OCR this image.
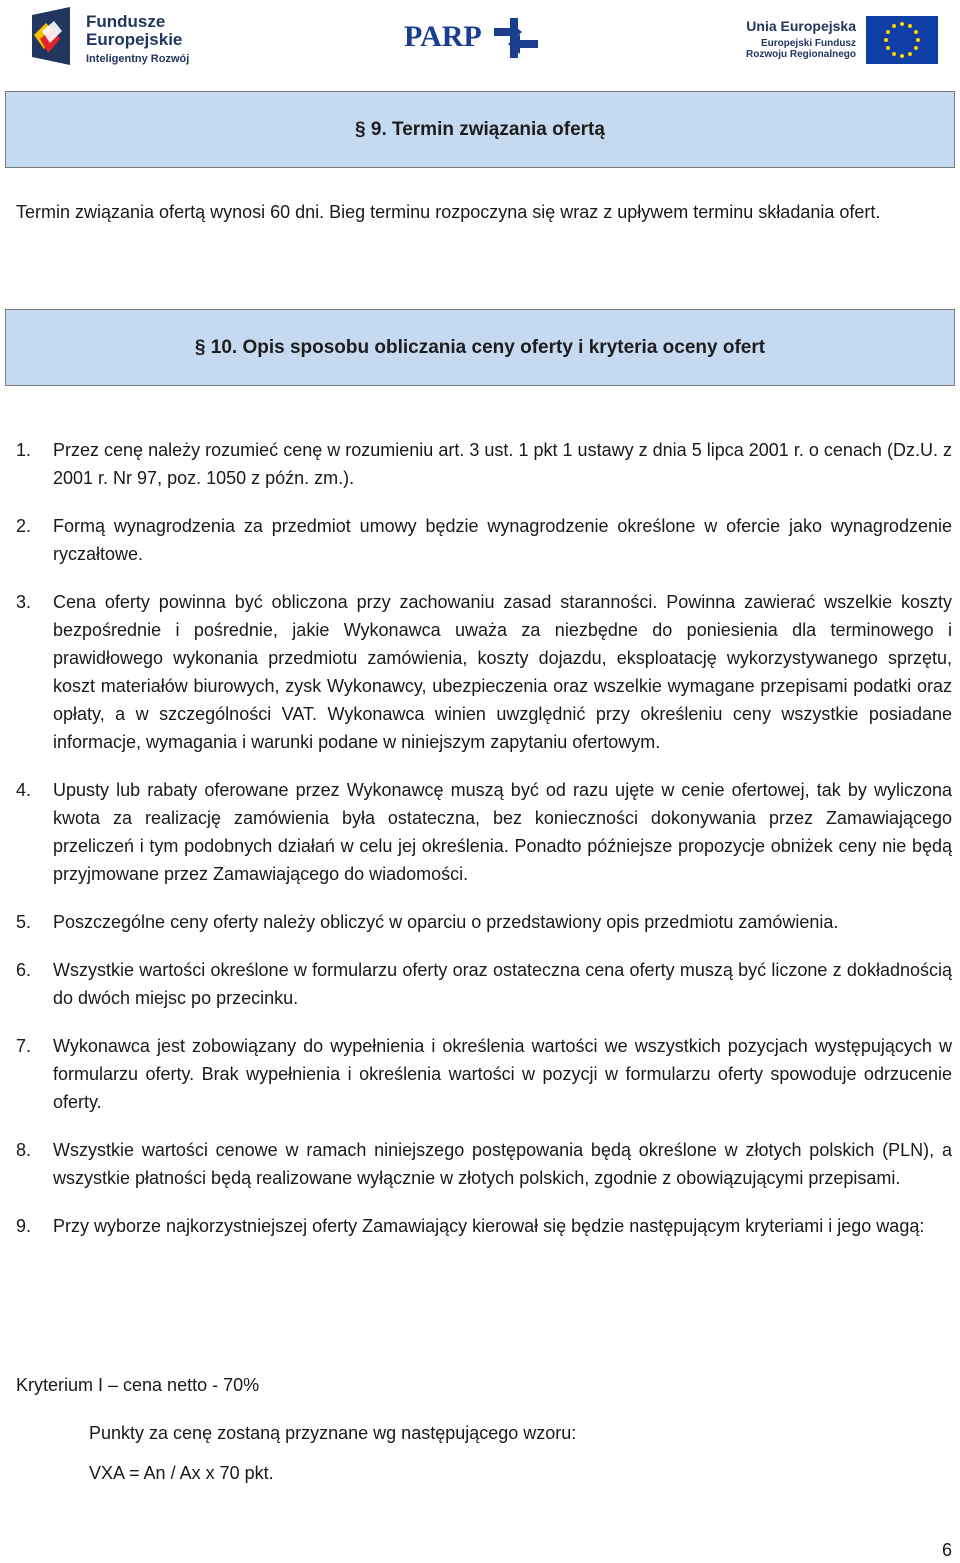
Fundusze
Europejskie
Inteligentny Rozwój
PARP	Unia Europejska
Europejski Fundusz
Rozwoju Regionalnego
§ 9. Termin związania ofertą
Termin związania ofertą wynosi 60 dni. Bieg terminu rozpoczyna się wraz z upływem terminu składania ofert.
§ 10. Opis sposobu obliczania ceny oferty i kryteria oceny ofert
1. Przez cenę należy rozumieć cenę w rozumieniu art. 3 ust. 1 pkt 1 ustawy z dnia 5 lipca 2001 r. o cenach (Dz.U. z 2001 r. Nr 97, poz. 1050 z późn. zm.).
2. Formą wynagrodzenia za przedmiot umowy będzie wynagrodzenie określone w ofercie jako wynagrodzenie ryczałtowe.
3. Cena oferty powinna być obliczona przy zachowaniu zasad staranności. Powinna zawierać wszelkie koszty bezpośrednie i pośrednie, jakie Wykonawca uważa za niezbędne do poniesienia dla terminowego i prawidłowego wykonania przedmiotu zamówienia, koszty dojazdu, eksploatację wykorzystywanego sprzętu, koszt materiałów biurowych, zysk Wykonawcy, ubezpieczenia oraz wszelkie wymagane przepisami podatki oraz opłaty, a w szczególności VAT. Wykonawca winien uwzględnić przy określeniu ceny wszystkie posiadane informacje, wymagania i warunki podane w niniejszym zapytaniu ofertowym.
4. Upusty lub rabaty oferowane przez Wykonawcę muszą być od razu ujęte w cenie ofertowej, tak by wyliczona kwota za realizację zamówienia była ostateczna, bez konieczności dokonywania przez Zamawiającego przeliczeń i tym podobnych działań w celu jej określenia. Ponadto późniejsze propozycje obniżek ceny nie będą przyjmowane przez Zamawiającego do wiadomości.
5. Poszczególne ceny oferty należy obliczyć w oparciu o przedstawiony opis przedmiotu zamówienia.
6. Wszystkie wartości określone w formularzu oferty oraz ostateczna cena oferty muszą być liczone z dokładnością do dwóch miejsc po przecinku.
7. Wykonawca jest zobowiązany do wypełnienia i określenia wartości we wszystkich pozycjach występujących w formularzu oferty. Brak wypełnienia i określenia wartości w pozycji w formularzu oferty spowoduje odrzucenie oferty.
8. Wszystkie wartości cenowe w ramach niniejszego postępowania będą określone w złotych polskich (PLN), a wszystkie płatności będą realizowane wyłącznie w złotych polskich, zgodnie z obowiązującymi przepisami.
9. Przy wyborze najkorzystniejszej oferty Zamawiający kierował się będzie następującym kryteriami i jego wagą:
Kryterium I – cena netto - 70%
Punkty za cenę zostaną przyznane wg następującego wzoru:
VXA = An / Ax x 70 pkt.
6
